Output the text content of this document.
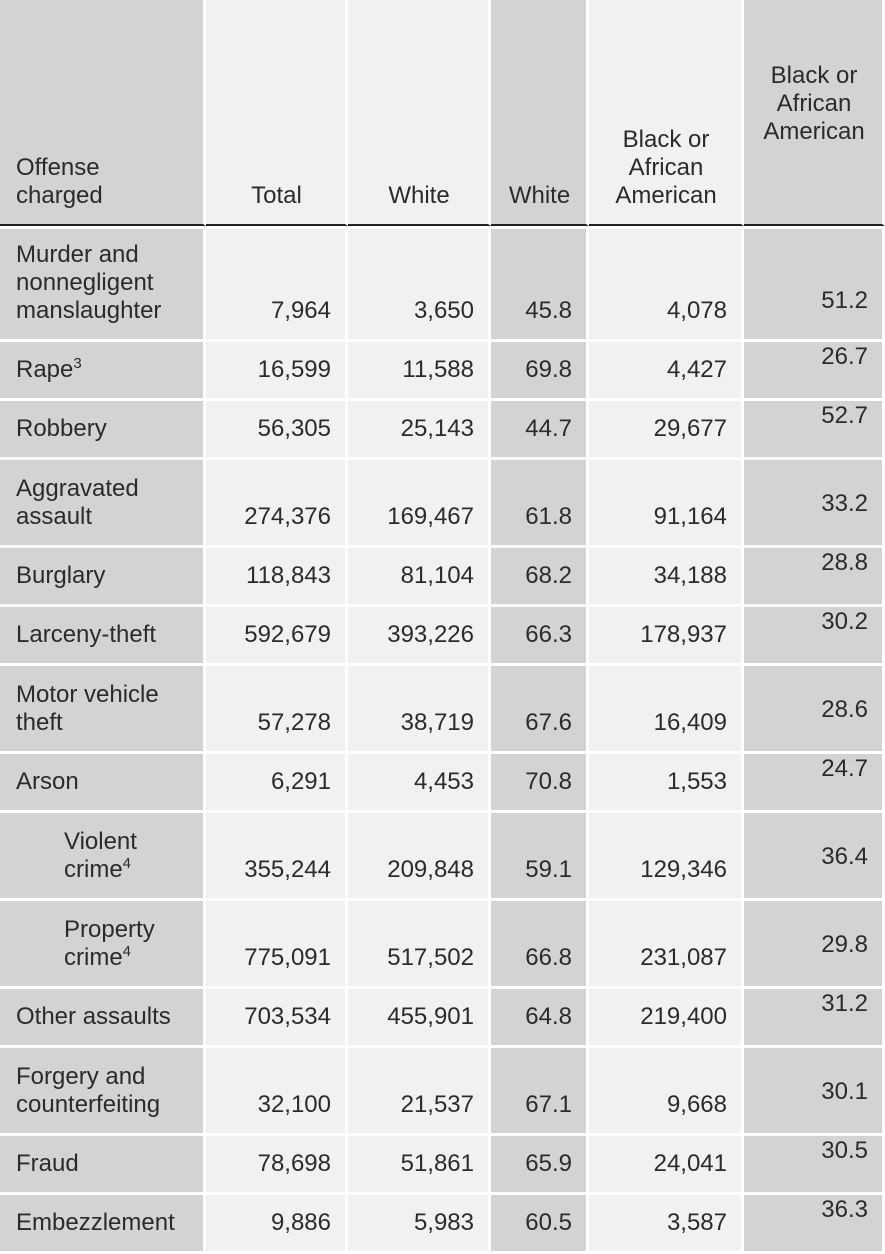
Offense charged	Total	White	White	Black or African American	Black or African American
Murder and nonnegligent manslaughter	7,964	3,650	45.8	4,078	51.2
Rape$^3$	16,599	11,588	69.8	4,427	26.7
Robbery	56,305	25,143	44.7	29,677	52.7
Aggravated assault	274,376	169,467	61.8	91,164	33.2
Burglary	118,843	81,104	68.2	34,188	28.8
Larceny-theft	592,679	393,226	66.3	178,937	30.2
Motor vehicle theft	57,278	38,719	67.6	16,409	28.6
Arson	6,291	4,453	70.8	1,553	24.7
Violent crime$^4$	355,244	209,848	59.1	129,346	36.4
Property crime$^4$	775,091	517,502	66.8	231,087	29.8
Other assaults	703,534	455,901	64.8	219,400	31.2
Forgery and counterfeiting	32,100	21,537	67.1	9,668	30.1
Fraud	78,698	51,861	65.9	24,041	30.5
Embezzlement	9,886	5,983	60.5	3,587	36.3
